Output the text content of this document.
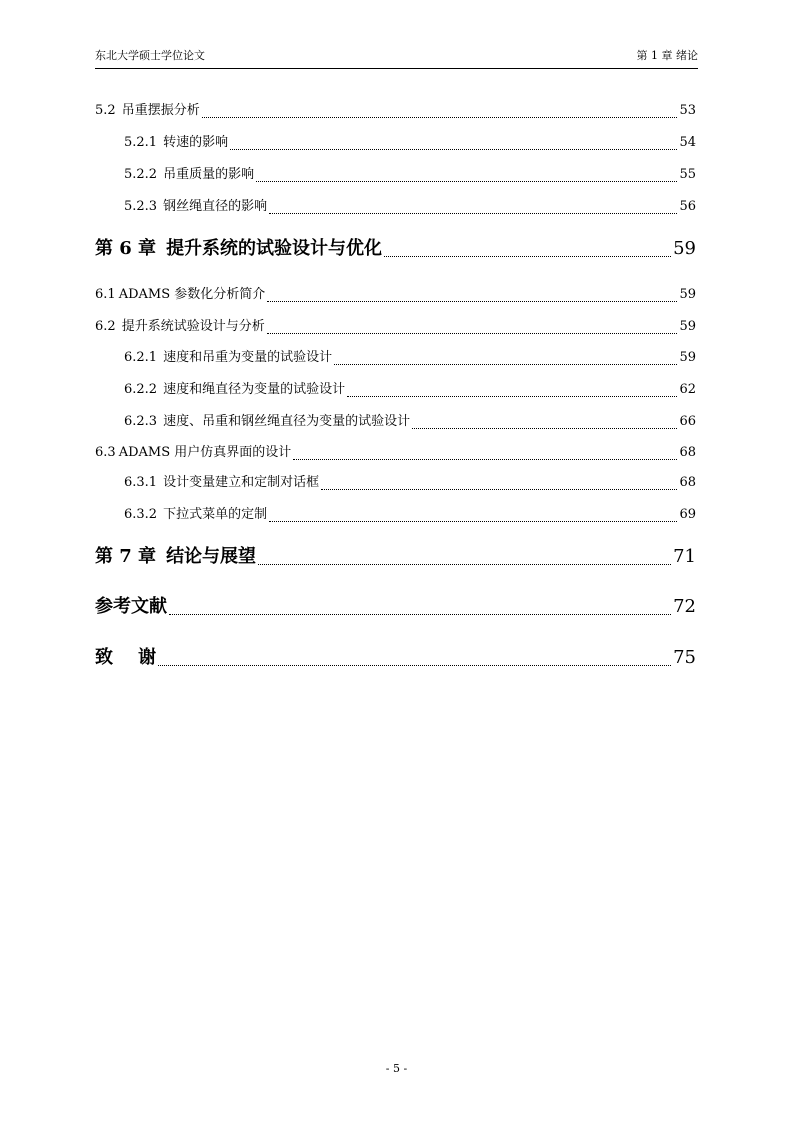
东北大学硕士学位论文	第 1 章 绪论
5.2 吊重摆振分析	53
5.2.1 转速的影响	54
5.2.2 吊重质量的影响	55
5.2.3 钢丝绳直径的影响	56
第 6 章 提升系统的试验设计与优化	59
6.1 ADAMS 参数化分析简介	59
6.2 提升系统试验设计与分析	59
6.2.1 速度和吊重为变量的试验设计	59
6.2.2 速度和绳直径为变量的试验设计	62
6.2.3 速度、吊重和钢丝绳直径为变量的试验设计	66
6.3 ADAMS 用户仿真界面的设计	68
6.3.1 设计变量建立和定制对话框	68
6.3.2 下拉式菜单的定制	69
第 7 章 结论与展望	71
参考文献	72
致    谢	75
- 5 -
